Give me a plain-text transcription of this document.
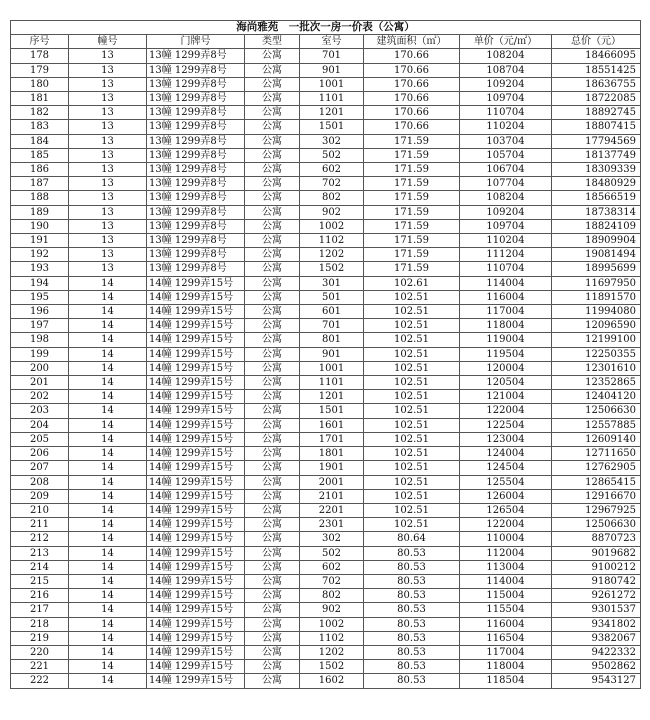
海尚雅苑　一批次一房一价表（公寓）							
序号	幢号	门牌号	类型	室号	建筑面积（㎡）	单价（元/㎡）	总价（元）
178	13	13幢 1299弄8号	公寓	701	170.66	108204	18466095
179	13	13幢 1299弄8号	公寓	901	170.66	108704	18551425
180	13	13幢 1299弄8号	公寓	1001	170.66	109204	18636755
181	13	13幢 1299弄8号	公寓	1101	170.66	109704	18722085
182	13	13幢 1299弄8号	公寓	1201	170.66	110704	18892745
183	13	13幢 1299弄8号	公寓	1501	170.66	110204	18807415
184	13	13幢 1299弄8号	公寓	302	171.59	103704	17794569
185	13	13幢 1299弄8号	公寓	502	171.59	105704	18137749
186	13	13幢 1299弄8号	公寓	602	171.59	106704	18309339
187	13	13幢 1299弄8号	公寓	702	171.59	107704	18480929
188	13	13幢 1299弄8号	公寓	802	171.59	108204	18566519
189	13	13幢 1299弄8号	公寓	902	171.59	109204	18738314
190	13	13幢 1299弄8号	公寓	1002	171.59	109704	18824109
191	13	13幢 1299弄8号	公寓	1102	171.59	110204	18909904
192	13	13幢 1299弄8号	公寓	1202	171.59	111204	19081494
193	13	13幢 1299弄8号	公寓	1502	171.59	110704	18995699
194	14	14幢 1299弄15号	公寓	301	102.61	114004	11697950
195	14	14幢 1299弄15号	公寓	501	102.51	116004	11891570
196	14	14幢 1299弄15号	公寓	601	102.51	117004	11994080
197	14	14幢 1299弄15号	公寓	701	102.51	118004	12096590
198	14	14幢 1299弄15号	公寓	801	102.51	119004	12199100
199	14	14幢 1299弄15号	公寓	901	102.51	119504	12250355
200	14	14幢 1299弄15号	公寓	1001	102.51	120004	12301610
201	14	14幢 1299弄15号	公寓	1101	102.51	120504	12352865
202	14	14幢 1299弄15号	公寓	1201	102.51	121004	12404120
203	14	14幢 1299弄15号	公寓	1501	102.51	122004	12506630
204	14	14幢 1299弄15号	公寓	1601	102.51	122504	12557885
205	14	14幢 1299弄15号	公寓	1701	102.51	123004	12609140
206	14	14幢 1299弄15号	公寓	1801	102.51	124004	12711650
207	14	14幢 1299弄15号	公寓	1901	102.51	124504	12762905
208	14	14幢 1299弄15号	公寓	2001	102.51	125504	12865415
209	14	14幢 1299弄15号	公寓	2101	102.51	126004	12916670
210	14	14幢 1299弄15号	公寓	2201	102.51	126504	12967925
211	14	14幢 1299弄15号	公寓	2301	102.51	122004	12506630
212	14	14幢 1299弄15号	公寓	302	80.64	110004	8870723
213	14	14幢 1299弄15号	公寓	502	80.53	112004	9019682
214	14	14幢 1299弄15号	公寓	602	80.53	113004	9100212
215	14	14幢 1299弄15号	公寓	702	80.53	114004	9180742
216	14	14幢 1299弄15号	公寓	802	80.53	115004	9261272
217	14	14幢 1299弄15号	公寓	902	80.53	115504	9301537
218	14	14幢 1299弄15号	公寓	1002	80.53	116004	9341802
219	14	14幢 1299弄15号	公寓	1102	80.53	116504	9382067
220	14	14幢 1299弄15号	公寓	1202	80.53	117004	9422332
221	14	14幢 1299弄15号	公寓	1502	80.53	118004	9502862
222	14	14幢 1299弄15号	公寓	1602	80.53	118504	9543127
